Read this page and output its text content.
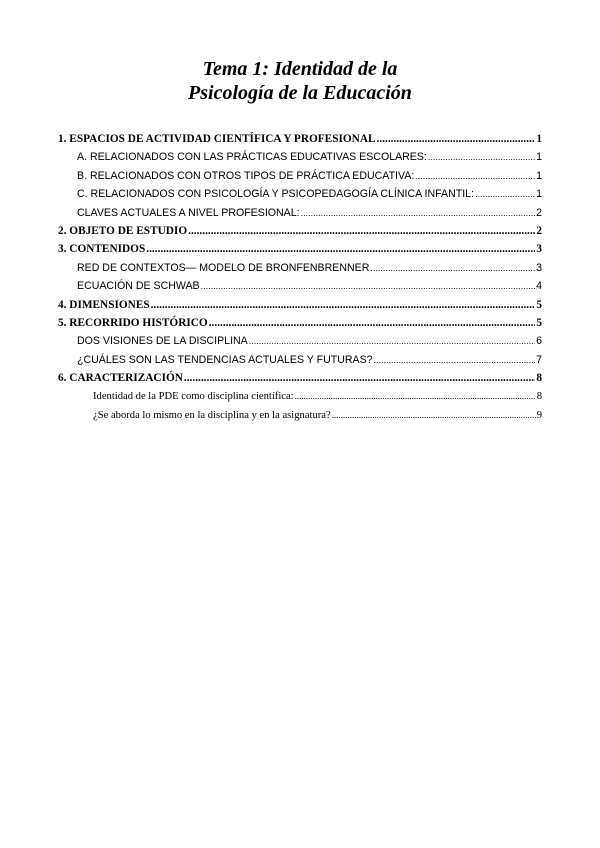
Tema 1: Identidad de la
Psicología de la Educación
1. ESPACIOS DE ACTIVIDAD CIENTÍFICA Y PROFESIONAL .....	1
A. RELACIONADOS CON LAS PRÁCTICAS EDUCATIVAS ESCOLARES: .....	1
B. RELACIONADOS CON OTROS TIPOS DE PRÁCTICA EDUCATIVA: .....	1
C. RELACIONADOS CON PSICOLOGÍA Y PSICOPEDAGOGÍA CLÍNICA INFANTIL: .....	1
CLAVES ACTUALES A NIVEL PROFESIONAL: .....	2
2. OBJETO DE ESTUDIO .....	2
3. CONTENIDOS .....	3
RED DE CONTEXTOS— MODELO DE BRONFENBRENNER .....	3
ECUACIÓN DE SCHWAB .....	4
4. DIMENSIONES .....	5
5. RECORRIDO HISTÓRICO .....	5
DOS VISIONES DE LA DISCIPLINA .....	6
¿CUÁLES SON LAS TENDENCIAS ACTUALES Y FUTURAS? .....	7
6. CARACTERIZACIÓN .....	8
Identidad de la PDE como disciplina científica: .....	8
¿Se aborda lo mismo en la disciplina y en la asignatura? .....	9
